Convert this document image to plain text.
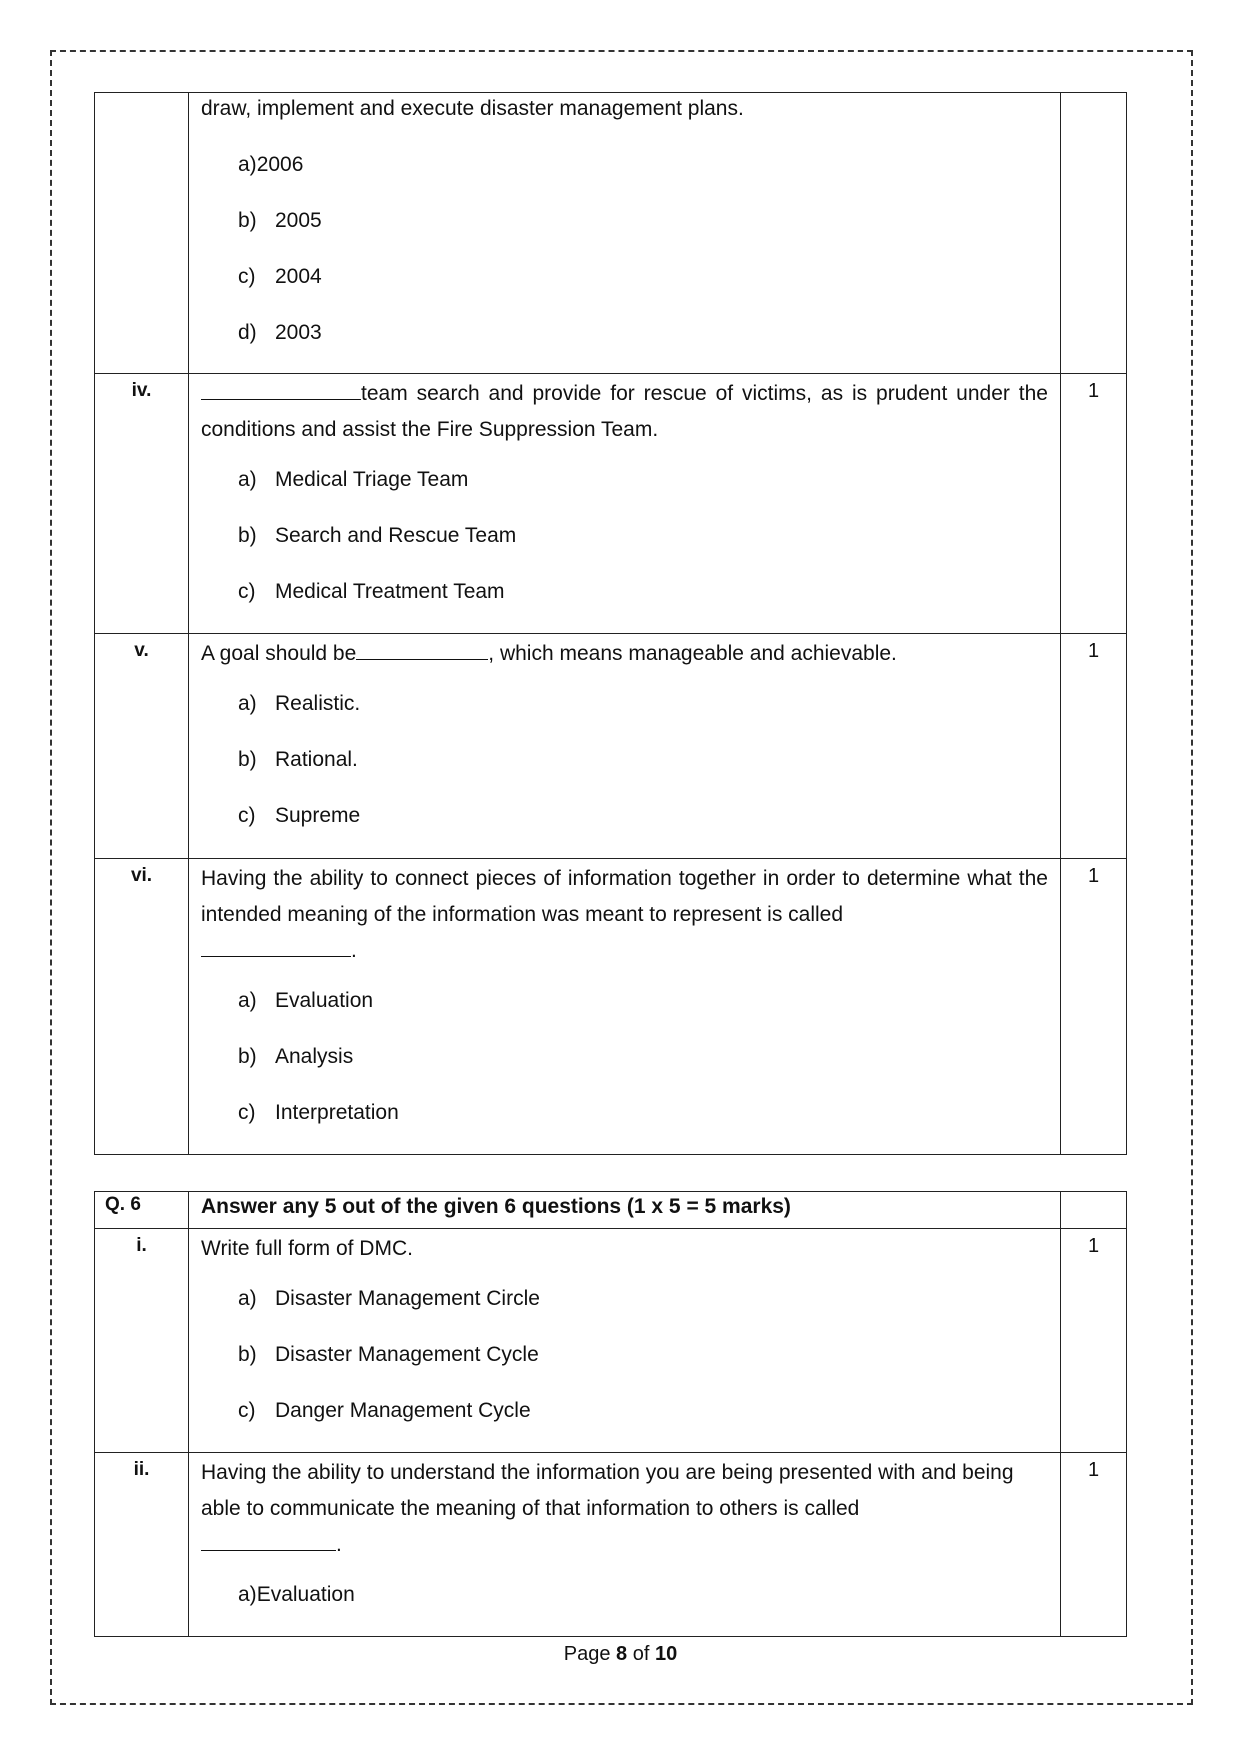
	draw, implement and execute disaster management plans.
a)2006
b) 2005
c) 2004
d) 2003	

iv.	team search and provide for rescue of victims, as is prudent under the conditions and assist the Fire Suppression Team.
a) Medical Triage Team
b) Search and Rescue Team
c) Medical Treatment Team	1
v.	A goal should be , which means manageable and achievable.
a) Realistic.
b) Rational.
c) Supreme	1
vi.	Having the ability to connect pieces of information together in order to determine what the intended meaning of the information was meant to represent is called
.
a) Evaluation
b) Analysis
c) Interpretation	1
Q. 6	Answer any 5 out of the given 6 questions (1 x 5 = 5 marks)	
i.	Write full form of DMC.
a) Disaster Management Circle
b) Disaster Management Cycle
c) Danger Management Cycle	1
ii.	Having the ability to understand the information you are being presented with and being able to communicate the meaning of that information to others is called
.
a)Evaluation	1
Page 8 of 10
